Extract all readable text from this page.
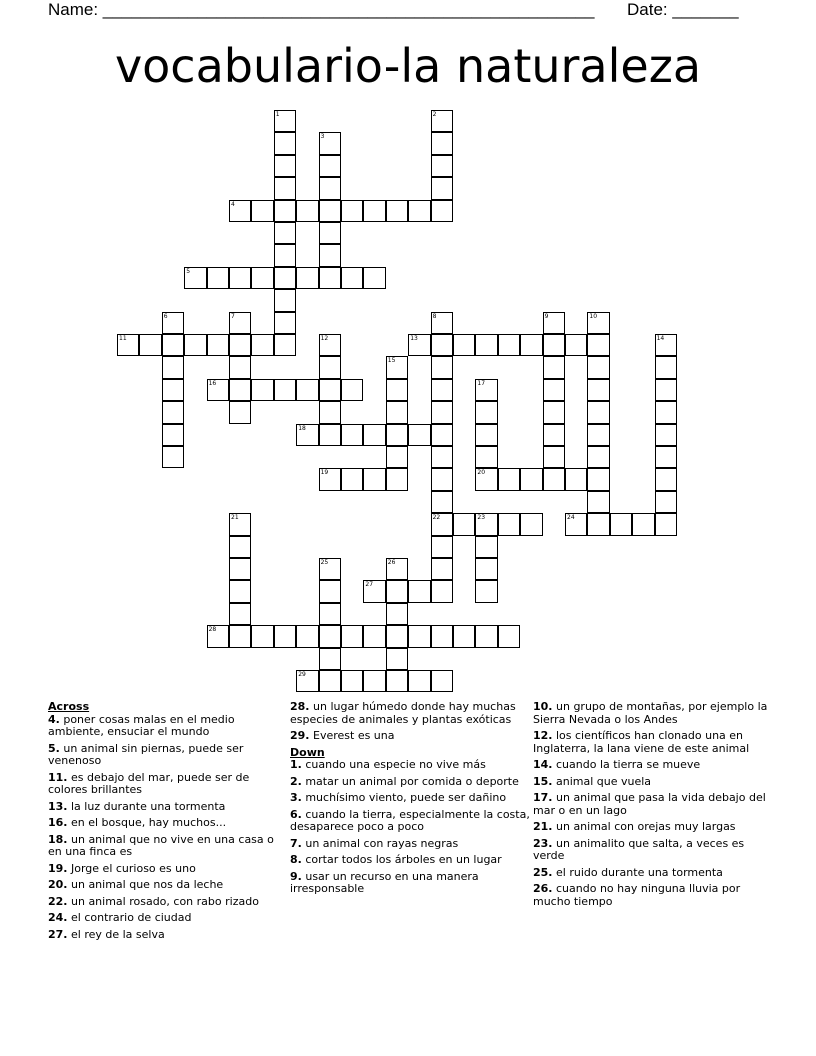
Name: ____________________________________________________ Date: _______
vocabulario-la naturaleza
1	2
3
4
5
6	7	8	9	10
11	12	13	14
15
16	17
18
19	20
21	22	23	24
25	26
27
28
29

Across

4. poner cosas malas en el medio ambiente, ensuciar el mundo

5. un animal sin piernas, puede ser venenoso

11. es debajo del mar, puede ser de colores brillantes

13. la luz durante una tormenta

16. en el bosque, hay muchos...

18. un animal que no vive en una casa o en una finca es

19. Jorge el curioso es uno

20. un animal que nos da leche

22. un animal rosado, con rabo rizado

24. el contrario de ciudad

27. el rey de la selva

28. un lugar húmedo donde hay muchas especies de animales y plantas exóticas

29. Everest es una

Down

1. cuando una especie no vive más

2. matar un animal por comida o deporte

3. muchísimo viento, puede ser dañino

6. cuando la tierra, especialmente la costa, desaparece poco a poco

7. un animal con rayas negras

8. cortar todos los árboles en un lugar

9. usar un recurso en una manera irresponsable

10. un grupo de montañas, por ejemplo la Sierra Nevada o los Andes

12. los científicos han clonado una en Inglaterra, la lana viene de este animal

14. cuando la tierra se mueve

15. animal que vuela

17. un animal que pasa la vida debajo del mar o en un lago

21. un animal con orejas muy largas

23. un animalito que salta, a veces es verde

25. el ruido durante una tormenta

26. cuando no hay ninguna lluvia por mucho tiempo
